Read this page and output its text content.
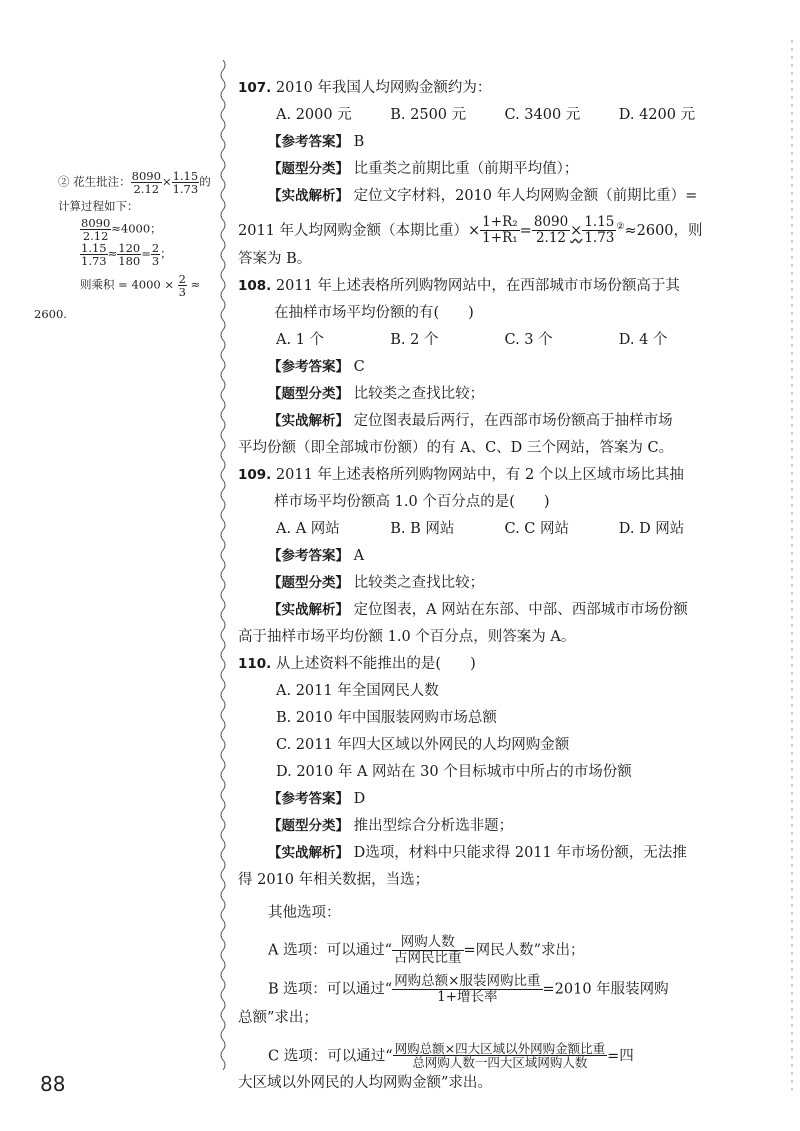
② 花生批注： $\frac{8090}{2.12} \times \frac{1.15}{1.73}$ 的
计算过程如下：
$\frac{8090}{2.12} \approx 4000$；
$\frac{1.15}{1.73} \approx \frac{120}{180} = \frac{2}{3}$ ；
则乘积 = $4000 \times \frac{2}{3}$ ≈
2600.
107. 2010 年我国人均网购金额约为：
A. 2000 元	B. 2500 元	C. 3400 元	D. 4200 元
【参考答案】 B
【题型分类】 比重类之前期比重（前期平均值）；
【实战解析】 定位文字材料，2010 年人均网购金额（前期比重）=
2011 年人均网购金额（本期比重）× $\frac{\text{1+R₂}}{\text{1+R₁}} = \frac{8090}{2.12} \times \frac{1.15}{1.73} ^②\approx 2600$，则
答案为 B。
108. 2011 年上述表格所列购物网站中，在西部城市市场份额高于其
在抽样市场平均份额的有(　　)
A. 1 个	B. 2 个	C. 3 个	D. 4 个
【参考答案】 C
【题型分类】 比较类之查找比较；
【实战解析】 定位图表最后两行，在西部市场份额高于抽样市场
平均份额（即全部城市份额）的有 A、C、D 三个网站，答案为 C。
109. 2011 年上述表格所列购物网站中，有 2 个以上区域市场比其抽
样市场平均份额高 1.0 个百分点的是(　　)
A. A 网站	B. B 网站	C. C 网站	D. D 网站
【参考答案】 A
【题型分类】 比较类之查找比较；
【实战解析】 定位图表，A 网站在东部、中部、西部城市市场份额
高于抽样市场平均份额 1.0 个百分点，则答案为 A。
110. 从上述资料不能推出的是(　　)
A. 2011 年全国网民人数
B. 2010 年中国服装网购市场总额
C. 2011 年四大区域以外网民的人均网购金额
D. 2010 年 A 网站在 30 个目标城市中所占的市场份额
【参考答案】 D
【题型分类】 推出型综合分析选非题；
【实战解析】 D选项，材料中只能求得 2011 年市场份额，无法推
得 2010 年相关数据，当选；
其他选项：
A 选项：可以通过“ $\frac{\text{网购人数}}{\text{占网民比重}}$ =网民人数”求出；
B 选项：可以通过“ $\frac{\text{网购总额×服装网购比重}}{\text{1+增长率}} =2010$ 年服装网购
总额”求出；
C 选项：可以通过“ $\frac{\text{网购总额×四大区域以外网购金额比重}}{\text{总网购人数一四大区域网购人数}}$ =四
大区域以外网民的人均网购金额”求出。
88
